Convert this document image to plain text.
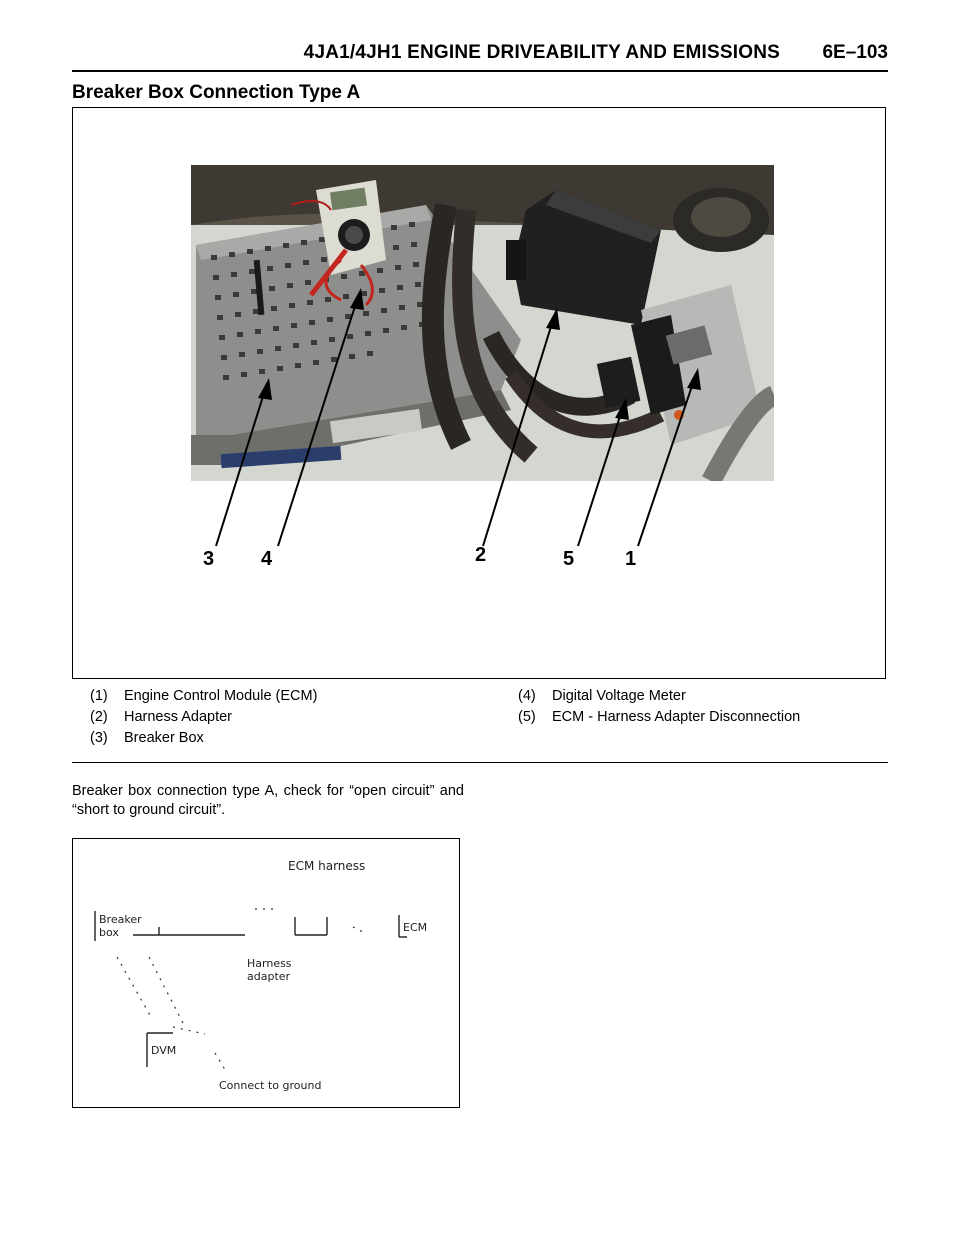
4JA1/4JH1 ENGINE DRIVEABILITY AND EMISSIONS 6E–103
Breaker Box Connection Type A
3 4	2	5	1
(1) Engine Control Module (ECM)
(2) Harness Adapter
(3) Breaker Box
(4) Digital Voltage Meter
(5) ECM - Harness Adapter Disconnection
Breaker box connection type A, check for “open circuit” and “short to ground circuit”.
ECM harness
Breaker box	ECM
Harness adapter
DVM
Connect to ground
